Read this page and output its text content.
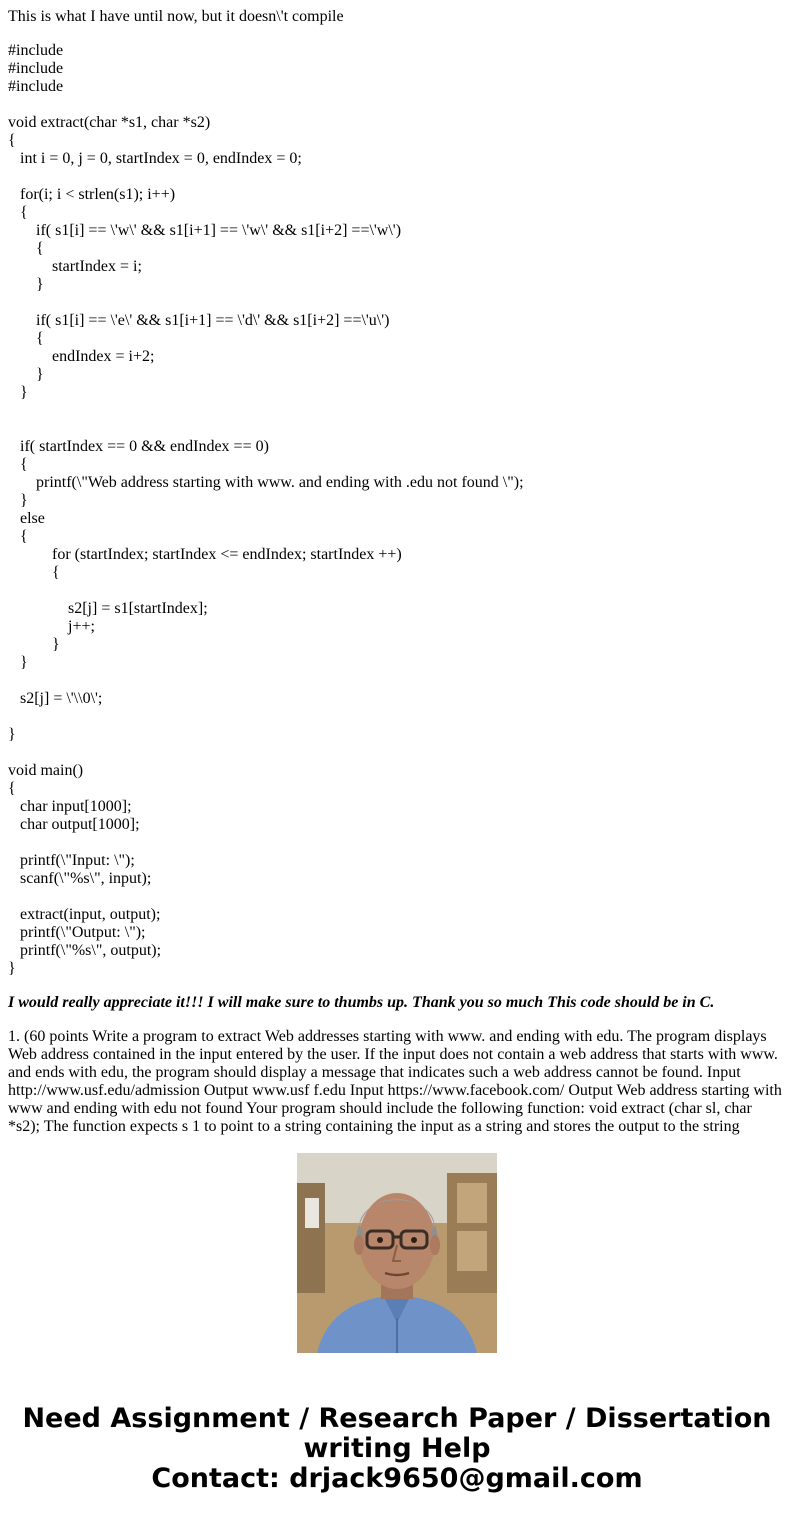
This is what I have until now, but it doesn\'t compile

#include
#include
#include
void extract(char *s1, char *s2)
{
int i = 0, j = 0, startIndex = 0, endIndex = 0;
for(i; i < strlen(s1); i++)
{
if( s1[i] == \'w\' && s1[i+1] == \'w\' && s1[i+2] ==\'w\')
{
startIndex = i;
}
if( s1[i] == \'e\' && s1[i+1] == \'d\' && s1[i+2] ==\'u\')
{
endIndex = i+2;
}
}
if( startIndex == 0 && endIndex == 0)
{
printf(\"Web address starting with www. and ending with .edu not found \");
}
else
{
for (startIndex; startIndex <= endIndex; startIndex ++)
{
s2[j] = s1[startIndex];
j++;
}
}
s2[j] = \'\\0\';
}
void main()
{
char input[1000];
char output[1000];
printf(\"Input: \");
scanf(\"%s\", input);
extract(input, output);
printf(\"Output: \");
printf(\"%s\", output);
}

I would really appreciate it!!! I will make sure to thumbs up. Thank you so much This code should be in C.

1. (60 points Write a program to extract Web addresses starting with www. and ending with edu. The program displays Web address contained in the input entered by the user. If the input does not contain a web address that starts with www. and ends with edu, the program should display a message that indicates such a web address cannot be found. Input http://www.usf.edu/admission Output www.usf f.edu Input https://www.facebook.com/ Output Web address starting with www and ending with edu not found Your program should include the following function: void extract (char sl, char *s2); The function expects s 1 to point to a string containing the input as a string and stores the output to the string

Need Assignment / Research Paper / Dissertation
writing Help
Contact: drjack9650@gmail.com
